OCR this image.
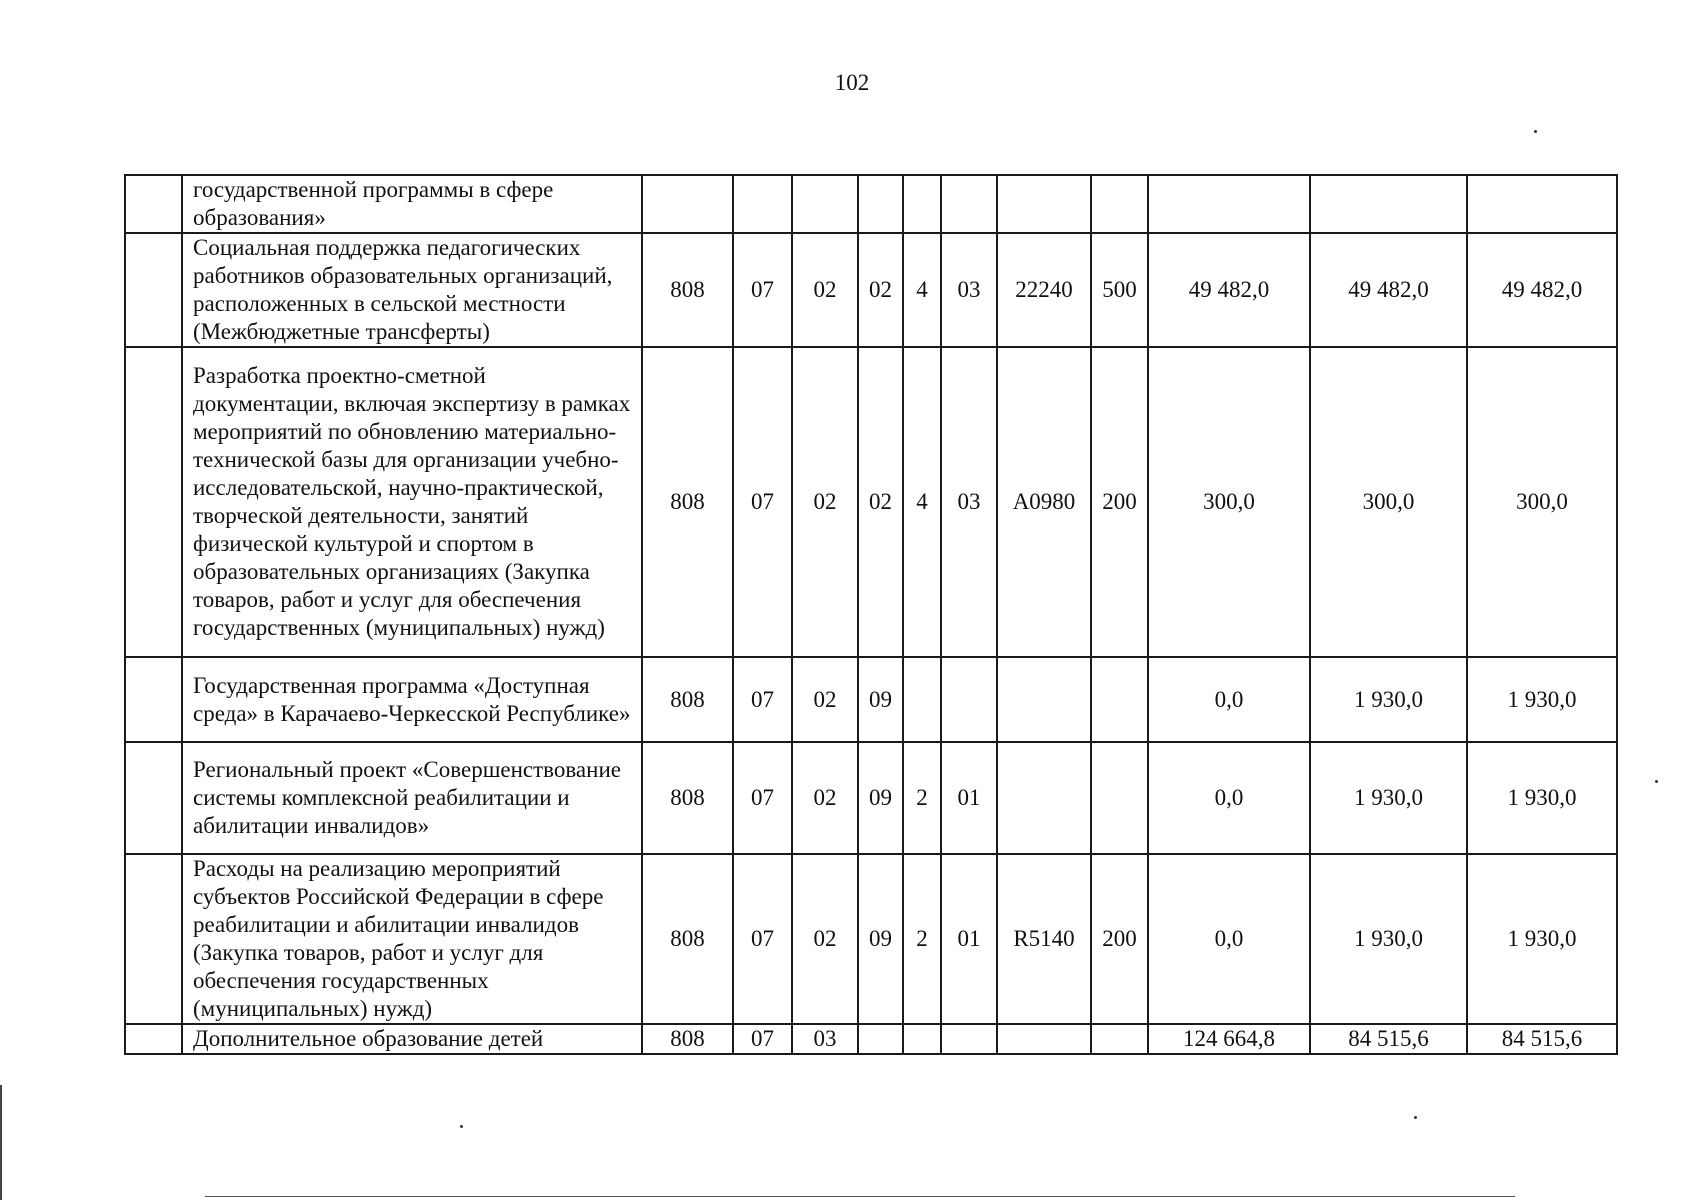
102
	государственной программы в сфере образования»											
	Социальная поддержка педагогических работников образовательных организаций, расположенных в сельской местности (Межбюджетные трансферты)	808	07	02	02	4	03	22240	500	49 482,0	49 482,0	49 482,0
	Разработка проектно-сметной документации, включая экспертизу в рамках мероприятий по обновлению материально-технической базы для организации учебно-исследовательской, научно-практической, творческой деятельности, занятий физической культурой и спортом в образовательных организациях (Закупка товаров, работ и услуг для обеспечения государственных (муниципальных) нужд)	808	07	02	02	4	03	А0980	200	300,0	300,0	300,0
	Государственная программа «Доступная среда» в Карачаево-Черкесской Республике»	808	07	02	09					0,0	1 930,0	1 930,0
	Региональный проект «Совершенствование системы комплексной реабилитации и абилитации инвалидов»	808	07	02	09	2	01			0,0	1 930,0	1 930,0
	Расходы на реализацию мероприятий субъектов Российской Федерации в сфере реабилитации и абилитации инвалидов (Закупка товаров, работ и услуг для обеспечения государственных (муниципальных) нужд)	808	07	02	09	2	01	R5140	200	0,0	1 930,0	1 930,0
	Дополнительное образование детей	808	07	03						124 664,8	84 515,6	84 515,6
